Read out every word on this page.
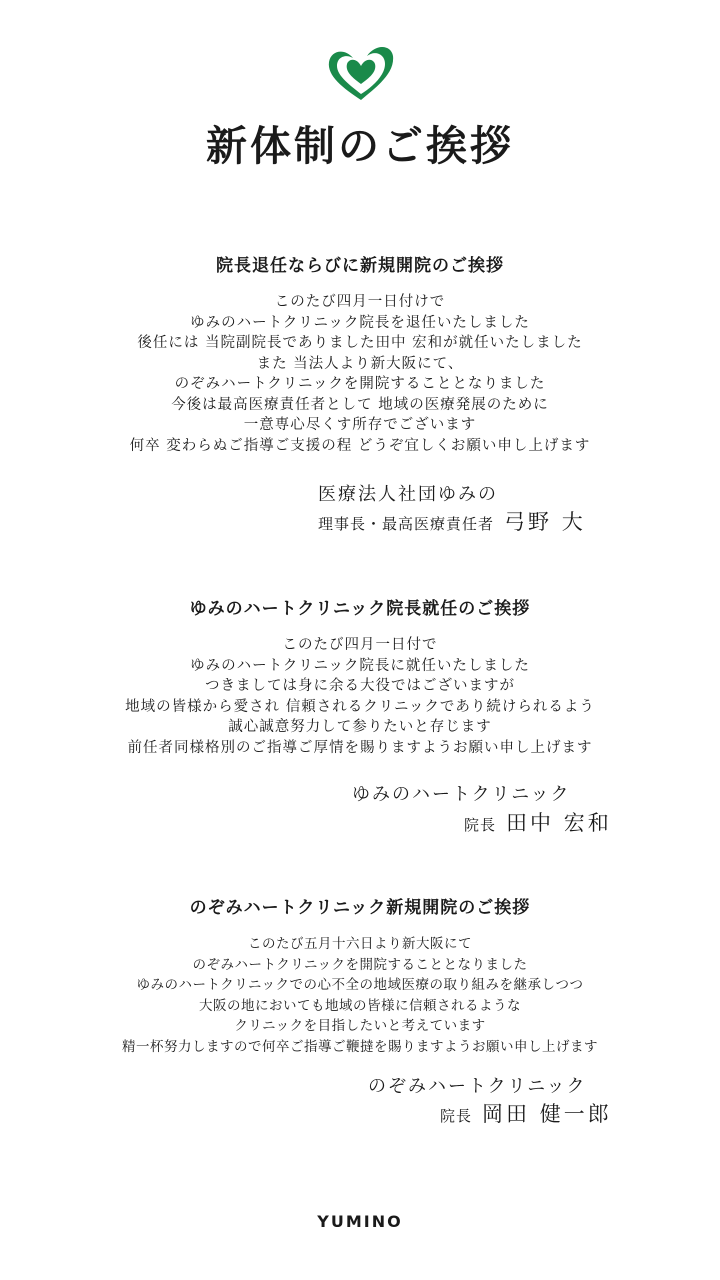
新体制のご挨拶
院長退任ならびに新規開院のご挨拶
このたび四月一日付けで
ゆみのハートクリニック院長を退任いたしました
後任には 当院副院長でありました田中 宏和が就任いたしました
また 当法人より新大阪にて、
のぞみハートクリニックを開院することとなりました
今後は最高医療責任者として 地域の医療発展のために
一意専心尽くす所存でございます
何卒 変わらぬご指導ご支援の程 どうぞ宜しくお願い申し上げます
医療法人社団ゆみの
理事長・最高医療責任者 弓野 大
ゆみのハートクリニック院長就任のご挨拶
このたび四月一日付で
ゆみのハートクリニック院長に就任いたしました
つきましては身に余る大役ではございますが
地域の皆様から愛され 信頼されるクリニックであり続けられるよう
誠心誠意努力して参りたいと存じます
前任者同様格別のご指導ご厚情を賜りますようお願い申し上げます
ゆみのハートクリニック
院長 田中 宏和
のぞみハートクリニック新規開院のご挨拶
このたび五月十六日より新大阪にて
のぞみハートクリニックを開院することとなりました
ゆみのハートクリニックでの心不全の地域医療の取り組みを継承しつつ
大阪の地においても地域の皆様に信頼されるような
クリニックを目指したいと考えています
精一杯努力しますので何卒ご指導ご鞭撻を賜りますようお願い申し上げます
のぞみハートクリニック
院長 岡田 健一郎
YUMINO
